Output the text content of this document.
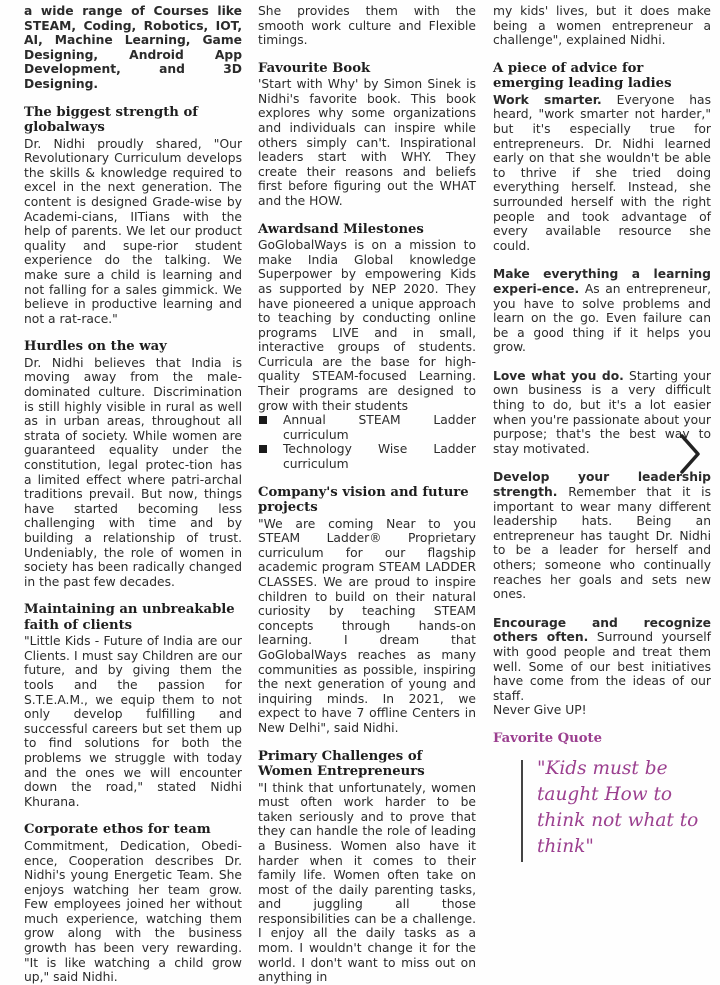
a wide range of Courses like STEAM, Coding, Robotics, IOT, AI, Machine Learning, Game Designing, Android App Development, and 3D Designing.

The biggest strength of globalways

Dr. Nidhi proudly shared, "Our Revolutionary Curriculum develops the skills & knowledge required to excel in the next generation. The content is designed Grade-wise by Academi-cians, IITians with the help of parents. We let our product quality and supe-rior student experience do the talking. We make sure a child is learning and not falling for a sales gimmick. We believe in productive learning and not a rat-race."

Hurdles on the way

Dr. Nidhi believes that India is moving away from the male-dominated culture. Discrimination is still highly visible in rural as well as in urban areas, throughout all strata of society. While women are guaranteed equality under the constitution, legal protec-tion has a limited effect where patri-archal traditions prevail. But now, things have started becoming less challenging with time and by building a relationship of trust. Undeniably, the role of women in society has been radically changed in the past few decades.

Maintaining an unbreakable faith of clients

"Little Kids - Future of India are our Clients. I must say Children are our future, and by giving them the tools and the passion for S.T.E.A.M., we equip them to not only develop fulfilling and successful careers but set them up to find solutions for both the problems we struggle with today and the ones we will encounter down the road," stated Nidhi Khurana.

Corporate ethos for team

Commitment, Dedication, Obedi-ence, Cooperation describes Dr. Nidhi's young Energetic Team. She enjoys watching her team grow. Few employees joined her without much experience, watching them grow along with the business growth has been very rewarding. "It is like watching a child grow up," said Nidhi.

She provides them with the smooth work culture and Flexible timings.

Favourite Book

'Start with Why' by Simon Sinek is Nidhi's favorite book. This book explores why some organizations and individuals can inspire while others simply can't. Inspirational leaders start with WHY. They create their reasons and beliefs first before figuring out the WHAT and the HOW.

Awardsand Milestones

GoGlobalWays is on a mission to make India Global knowledge Superpower by empowering Kids as supported by NEP 2020. They have pioneered a unique approach to teaching by conducting online programs LIVE and in small, interactive groups of students. Curricula are the base for high-quality STEAM-focused Learning. Their programs are designed to grow with their students

Annual STEAM Ladder curriculum
Technology Wise Ladder curriculum
Company's vision and future projects

"We are coming Near to you STEAM Ladder® Proprietary curriculum for our flagship academic program STEAM LADDER CLASSES. We are proud to inspire children to build on their natural curiosity by teaching STEAM concepts through hands-on learning. I dream that GoGlobalWays reaches as many communities as possible, inspiring the next generation of young and inquiring minds. In 2021, we expect to have 7 offline Centers in New Delhi", said Nidhi.

Primary Challenges of Women Entrepreneurs

"I think that unfortunately, women must often work harder to be taken seriously and to prove that they can handle the role of leading a Business. Women also have it harder when it comes to their family life. Women often take on most of the daily parenting tasks, and juggling all those responsibilities can be a challenge. I enjoy all the daily tasks as a mom. I wouldn't change it for the world. I don't want to miss out on anything in

my kids' lives, but it does make being a women entrepreneur a challenge", explained Nidhi.

A piece of advice for emerging leading ladies

Work smarter. Everyone has heard, "work smarter not harder," but it's especially true for entrepreneurs. Dr. Nidhi learned early on that she wouldn't be able to thrive if she tried doing everything herself. Instead, she surrounded herself with the right people and took advantage of every available resource she could.

Make everything a learning experi-ence. As an entrepreneur, you have to solve problems and learn on the go. Even failure can be a good thing if it helps you grow.

Love what you do. Starting your own business is a very difficult thing to do, but it's a lot easier when you're passionate about your purpose; that's the best way to stay motivated.

Develop your leadership strength. Remember that it is important to wear many different leadership hats. Being an entrepreneur has taught Dr. Nidhi to be a leader for herself and others; someone who continually reaches her goals and sets new ones.

Encourage and recognize others often. Surround yourself with good people and treat them well. Some of our best initiatives have come from the ideas of our staff.

Never Give UP!

Favorite Quote
"Kids must be taught How to think not what to think"
